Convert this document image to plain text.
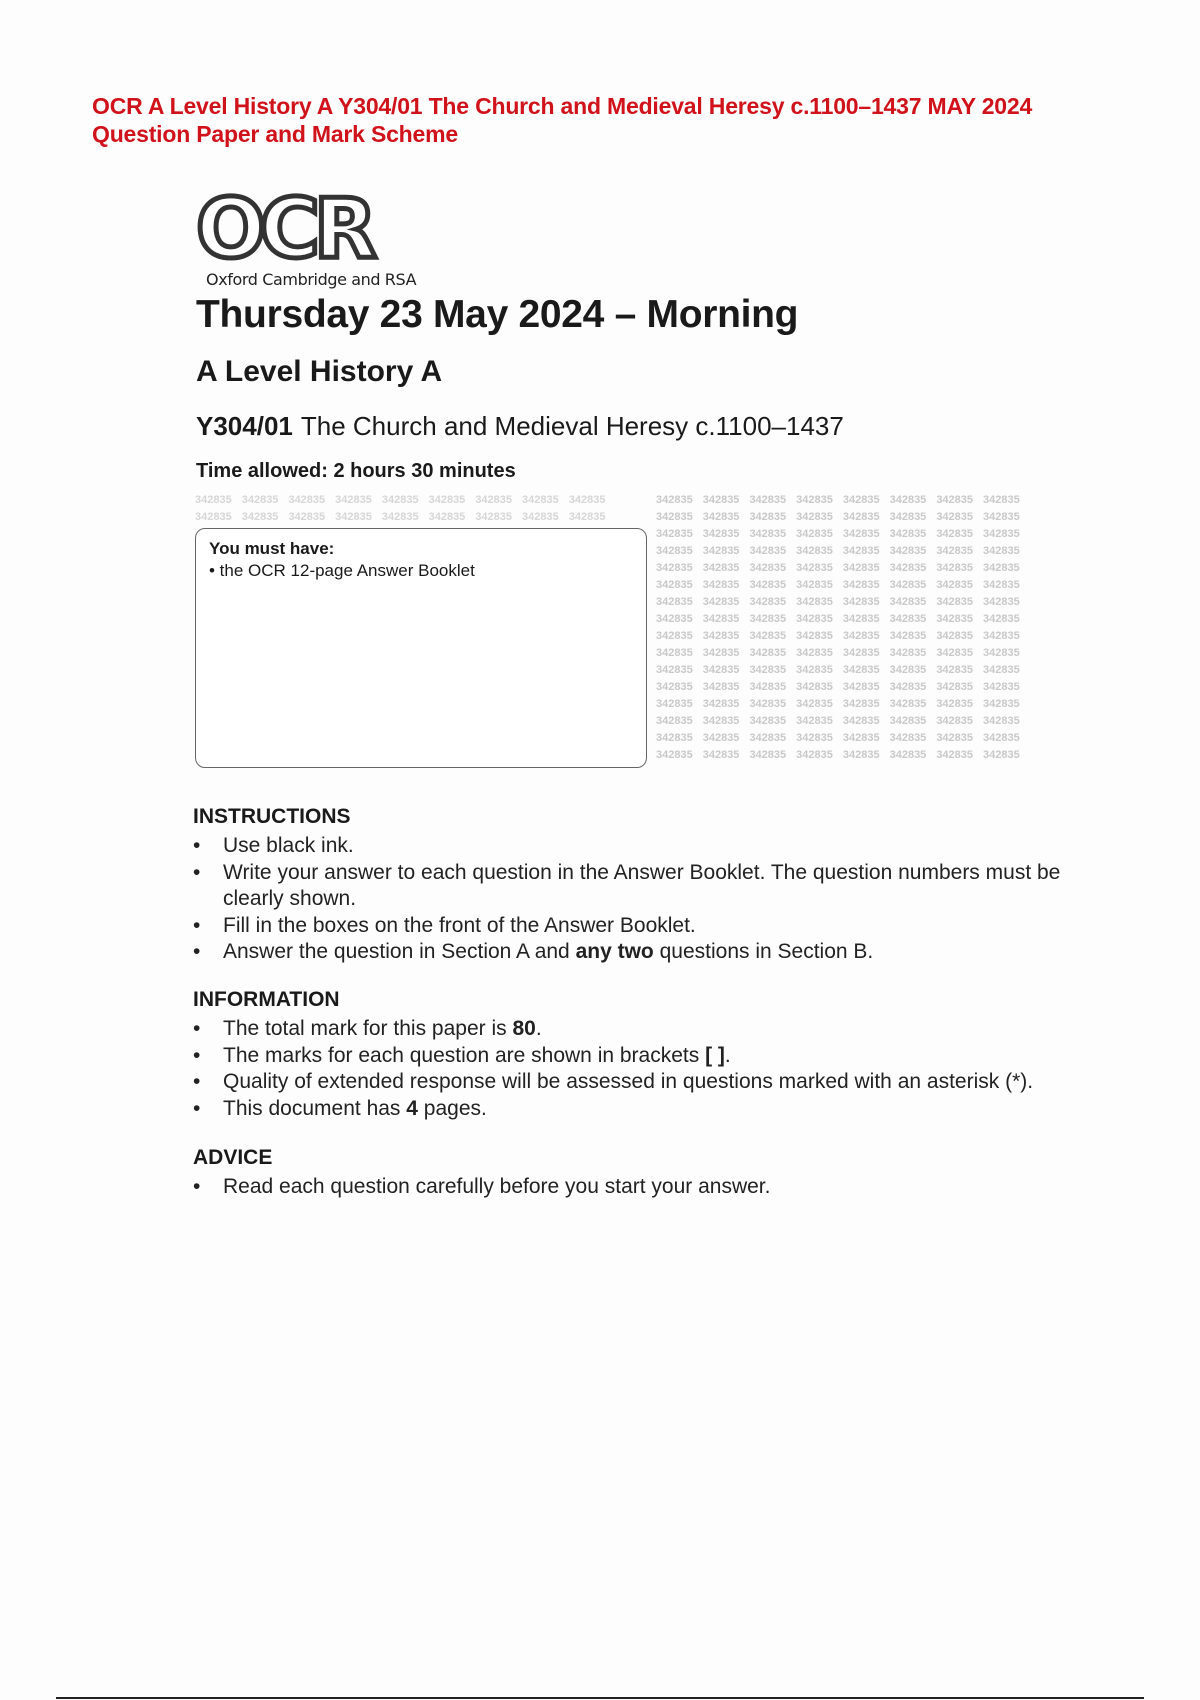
OCR A Level History A Y304/01 The Church and Medieval Heresy c.1100–1437 MAY 2024
Question Paper and Mark Scheme
342835 342835 342835 342835 342835 342835 342835 342835 342835342835 342835 342835 342835 342835 342835 342835 342835 342835
342835 342835 342835 342835 342835 342835 342835 342835342835 342835 342835 342835 342835 342835 342835 342835342835 342835 342835 342835 342835 342835 342835 342835342835 342835 342835 342835 342835 342835 342835 342835342835 342835 342835 342835 342835 342835 342835 342835342835 342835 342835 342835 342835 342835 342835 342835342835 342835 342835 342835 342835 342835 342835 342835342835 342835 342835 342835 342835 342835 342835 342835342835 342835 342835 342835 342835 342835 342835 342835342835 342835 342835 342835 342835 342835 342835 342835342835 342835 342835 342835 342835 342835 342835 342835342835 342835 342835 342835 342835 342835 342835 342835342835 342835 342835 342835 342835 342835 342835 342835342835 342835 342835 342835 342835 342835 342835 342835342835 342835 342835 342835 342835 342835 342835 342835342835 342835 342835 342835 342835 342835 342835 342835
OCR
Oxford Cambridge and RSA
Thursday 23 May 2024 – Morning
A Level History A
Y304/01 The Church and Medieval Heresy c.1100–1437
Time allowed: 2 hours 30 minutes
You must have:
• the OCR 12-page Answer Booklet
INSTRUCTIONS
• Use black ink.
• Write your answer to each question in the Answer Booklet. The question numbers must be clearly shown.
• Fill in the boxes on the front of the Answer Booklet.
• Answer the question in Section A and any two questions in Section B.
INFORMATION
• The total mark for this paper is 80.
• The marks for each question are shown in brackets [ ].
• Quality of extended response will be assessed in questions marked with an asterisk (*).
• This document has 4 pages.
ADVICE
• Read each question carefully before you start your answer.
